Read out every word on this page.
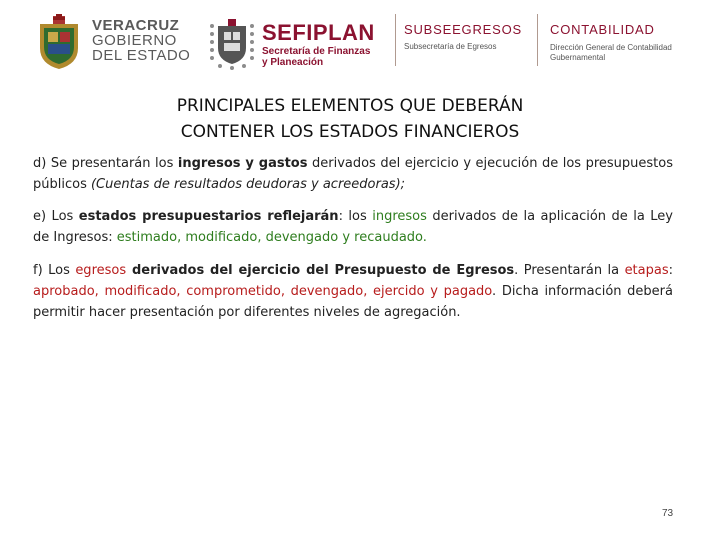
VERACRUZ
GOBIERNO
DEL ESTADO
SEFIPLAN
Secretaría de Finanzas
y Planeación
SUBSEEGRESOS
Subsecretaría de Egresos
CONTABILIDAD
Dirección General de Contabilidad Gubernamental
PRINCIPALES ELEMENTOS QUE DEBERÁN
CONTENER LOS ESTADOS FINANCIEROS
d) Se presentarán los ingresos y gastos derivados del ejercicio y ejecución de los presupuestos públicos (Cuentas de resultados deudoras y acreedoras);
e) Los estados presupuestarios reflejarán: los ingresos derivados de la aplicación de la Ley de Ingresos: estimado, modificado, devengado y recaudado.
f) Los egresos derivados del ejercicio del Presupuesto de Egresos. Presentarán la etapas: aprobado, modificado, comprometido, devengado, ejercido y pagado. Dicha información deberá permitir hacer presentación por diferentes niveles de agregación.
73
